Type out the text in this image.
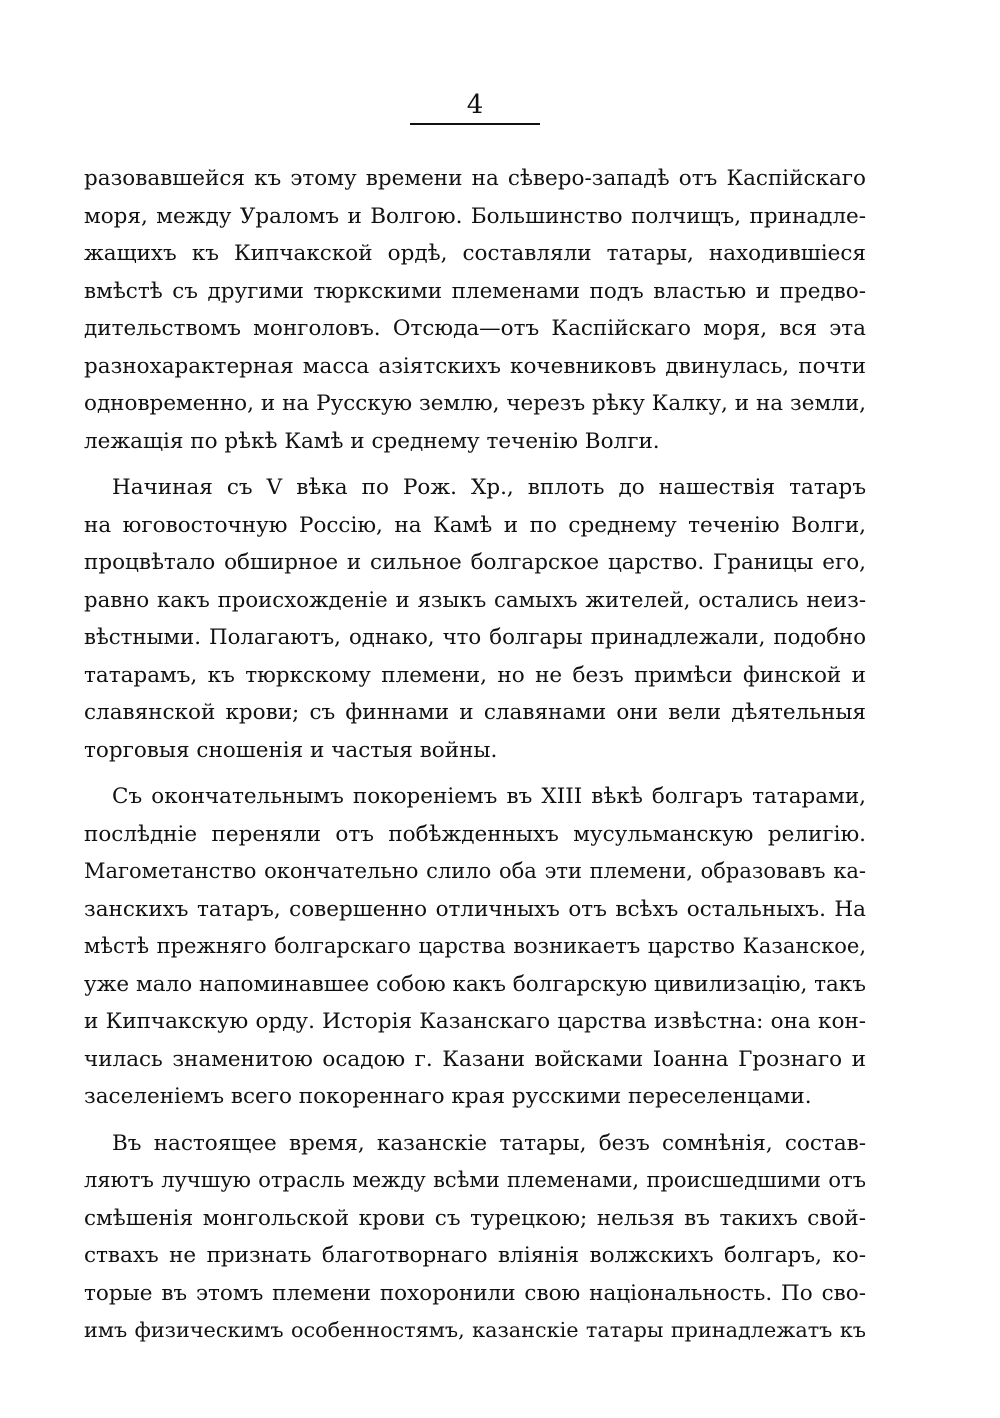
4
разовавшейся къ этому времени на сѣверо-западѣ отъ Каспійскаго
моря, между Ураломъ и Волгою. Большинство полчищъ, принадле-
жащихъ къ Кипчакской ордѣ, составляли татары, находившіеся
вмѣстѣ съ другими тюркскими племенами подъ властью и предво-
дительствомъ монголовъ. Отсюда—отъ Каспійскаго моря, вся эта
разнохарактерная масса азіятскихъ кочевниковъ двинулась, почти
одновременно, и на Русскую землю, черезъ рѣку Калку, и на земли,
лежащія по рѣкѣ Камѣ и среднему теченію Волги.
Начиная съ V вѣка по Рож. Хр., вплоть до нашествія татаръ
на юговосточную Россію, на Камѣ и по среднему теченію Волги,
процвѣтало обширное и сильное болгарское царство. Границы его,
равно какъ происхожденіе и языкъ самыхъ жителей, остались неиз-
вѣстными. Полагаютъ, однако, что болгары принадлежали, подобно
татарамъ, къ тюркскому племени, но не безъ примѣси финской и
славянской крови; съ финнами и славянами они вели дѣятельныя
торговыя сношенія и частыя войны.
Съ окончательнымъ покореніемъ въ XIII вѣкѣ болгаръ татарами,
послѣдніе переняли отъ побѣжденныхъ мусульманскую религію.
Магометанство окончательно слило оба эти племени, образовавъ ка-
занскихъ татаръ, совершенно отличныхъ отъ всѣхъ остальныхъ. На
мѣстѣ прежняго болгарскаго царства возникаетъ царство Казанское,
уже мало напоминавшее собою какъ болгарскую цивилизацію, такъ
и Кипчакскую орду. Исторія Казанскаго царства извѣстна: она кон-
чилась знаменитою осадою г. Казани войсками Іоанна Грознаго и
заселеніемъ всего покореннаго края русскими переселенцами.
Въ настоящее время, казанскіе татары, безъ сомнѣнія, состав-
ляютъ лучшую отрасль между всѣми племенами, происшедшими отъ
смѣшенія монгольской крови съ турецкою; нельзя въ такихъ свой-
ствахъ не признать благотворнаго вліянія волжскихъ болгаръ, ко-
торые въ этомъ племени похоронили свою національность. По сво-
имъ физическимъ особенностямъ, казанскіе татары принадлежатъ къ
